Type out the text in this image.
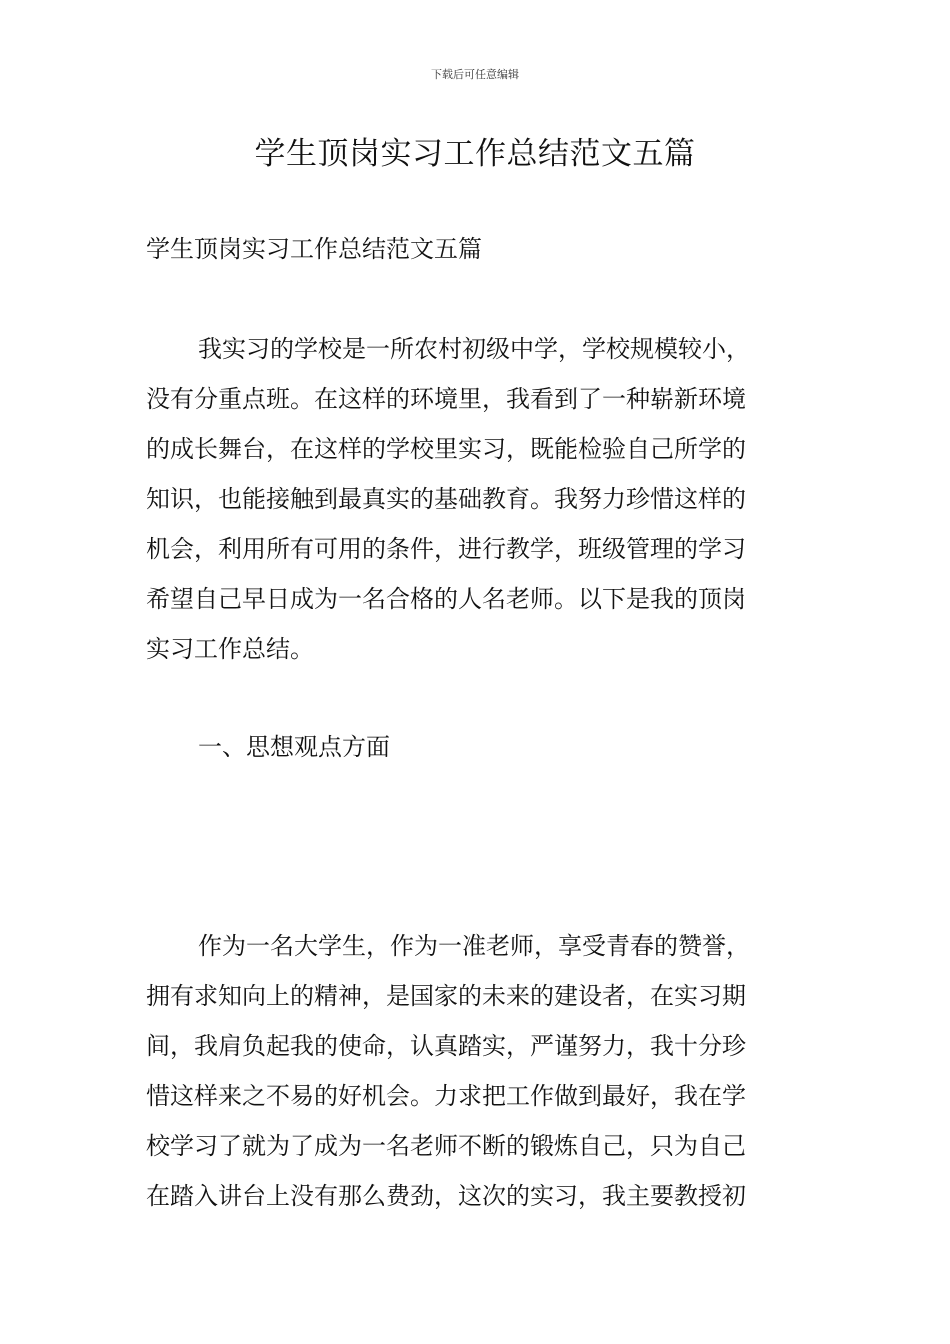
下载后可任意编辑
学生顶岗实习工作总结范文五篇
学生顶岗实习工作总结范文五篇
我实习的学校是一所农村初级中学，学校规模较小，
没有分重点班。在这样的环境里，我看到了一种崭新环境
的成长舞台，在这样的学校里实习，既能检验自己所学的
知识，也能接触到最真实的基础教育。我努力珍惜这样的
机会，利用所有可用的条件，进行教学，班级管理的学习
希望自己早日成为一名合格的人名老师。以下是我的顶岗
实习工作总结。
一、思想观点方面
作为一名大学生，作为一准老师，享受青春的赞誉，
拥有求知向上的精神，是国家的未来的建设者，在实习期
间，我肩负起我的使命，认真踏实，严谨努力，我十分珍
惜这样来之不易的好机会。力求把工作做到最好，我在学
校学习了就为了成为一名老师不断的锻炼自己，只为自己
在踏入讲台上没有那么费劲，这次的实习，我主要教授初
